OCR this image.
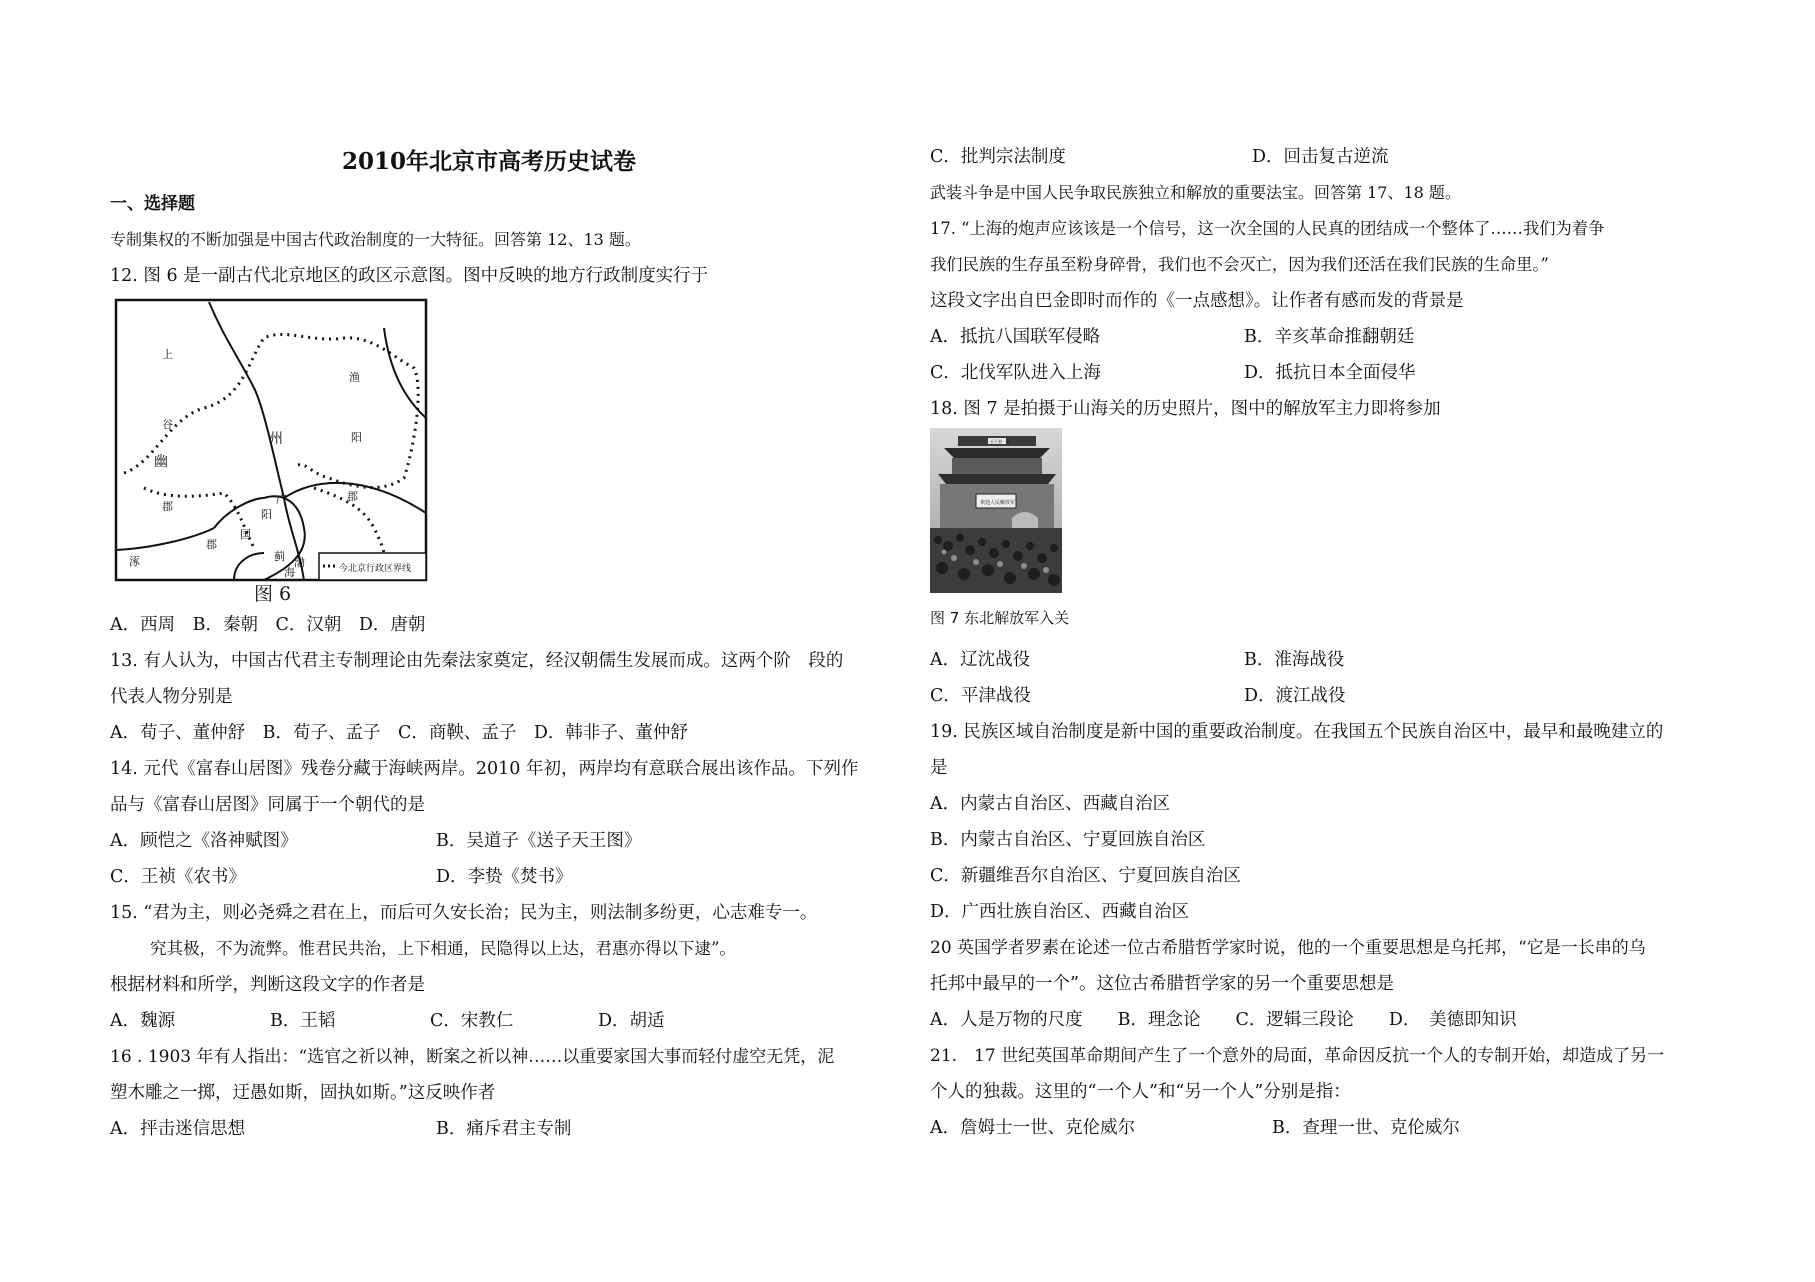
2010年北京市高考历史试卷
一、选择题
专制集权的不断加强是中国古代政治制度的一大特征。回答第 12、13 题。
12. 图 6 是一副古代北京地区的政区示意图。图中反映的地方行政制度实行于
今北京行政区界线
上
谷
幽
郡
州
渔
阳
郡
广
阳
国
涿
郡
蓟 渤
海
图 6
A．西周　B．秦朝　C．汉朝　D．唐朝
13. 有人认为，中国古代君主专制理论由先秦法家奠定，经汉朝儒生发展而成。这两个阶　段的
代表人物分别是
A．荀子、董仲舒　B．荀子、孟子　C．商鞅、孟子　D．韩非子、董仲舒
14. 元代《富春山居图》残卷分藏于海峡两岸。2010 年初，两岸均有意联合展出该作品。下列作
品与《富春山居图》同属于一个朝代的是
A．顾恺之《洛神赋图》	B．吴道子《送子天王图》
C．王祯《农书》	D．李贽《焚书》
15. “君为主，则必尧舜之君在上，而后可久安长治；民为主，则法制多纷更，心志难专一。
究其极，不为流弊。惟君民共治，上下相通，民隐得以上达，君惠亦得以下逮”。
根据材料和所学，判断这段文字的作者是
A．魏源	B．王韬	C．宋教仁	D．胡适
16 . 1903 年有人指出：“选官之祈以神，断案之祈以神……以重要家国大事而轻付虚空无凭，泥
塑木雕之一掷，迂愚如斯，固执如斯。”这反映作者
A．抨击迷信思想	B．痛斥君主专制
C．批判宗法制度	D．回击复古逆流
武装斗争是中国人民争取民族独立和解放的重要法宝。回答第 17、18 题。
17. “上海的炮声应该该是一个信号，这一次全国的人民真的团结成一个整体了……我们为着争
我们民族的生存虽至粉身碎骨，我们也不会灭亡，因为我们还活在我们民族的生命里。”
这段文字出自巴金即时而作的《一点感想》。让作者有感而发的背景是
A．抵抗八国联军侵略	B．辛亥革命推翻朝廷
C．北伐军队进入上海	D．抵抗日本全面侵华
18. 图 7 是拍摄于山海关的历史照片，图中的解放军主力即将参加
天下第一关
欢迎人民解放军
图 7 东北解放军入关
A．辽沈战役	B．淮海战役
C．平津战役	D．渡江战役
19. 民族区域自治制度是新中国的重要政治制度。在我国五个民族自治区中，最早和最晚建立的
是
A．内蒙古自治区、西藏自治区
B．内蒙古自治区、宁夏回族自治区
C．新疆维吾尔自治区、宁夏回族自治区
D．广西壮族自治区、西藏自治区
20 英国学者罗素在论述一位古希腊哲学家时说，他的一个重要思想是乌托邦，“它是一长串的乌
托邦中最早的一个”。这位古希腊哲学家的另一个重要思想是
A．人是万物的尺度　　B．理念论　　C．逻辑三段论　　D．　美德即知识
21.　17 世纪英国革命期间产生了一个意外的局面，革命因反抗一个人的专制开始，却造成了另一
个人的独裁。这里的“一个人”和“另一个人”分别是指：
A．詹姆士一世、克伦威尔	B．查理一世、克伦威尔
